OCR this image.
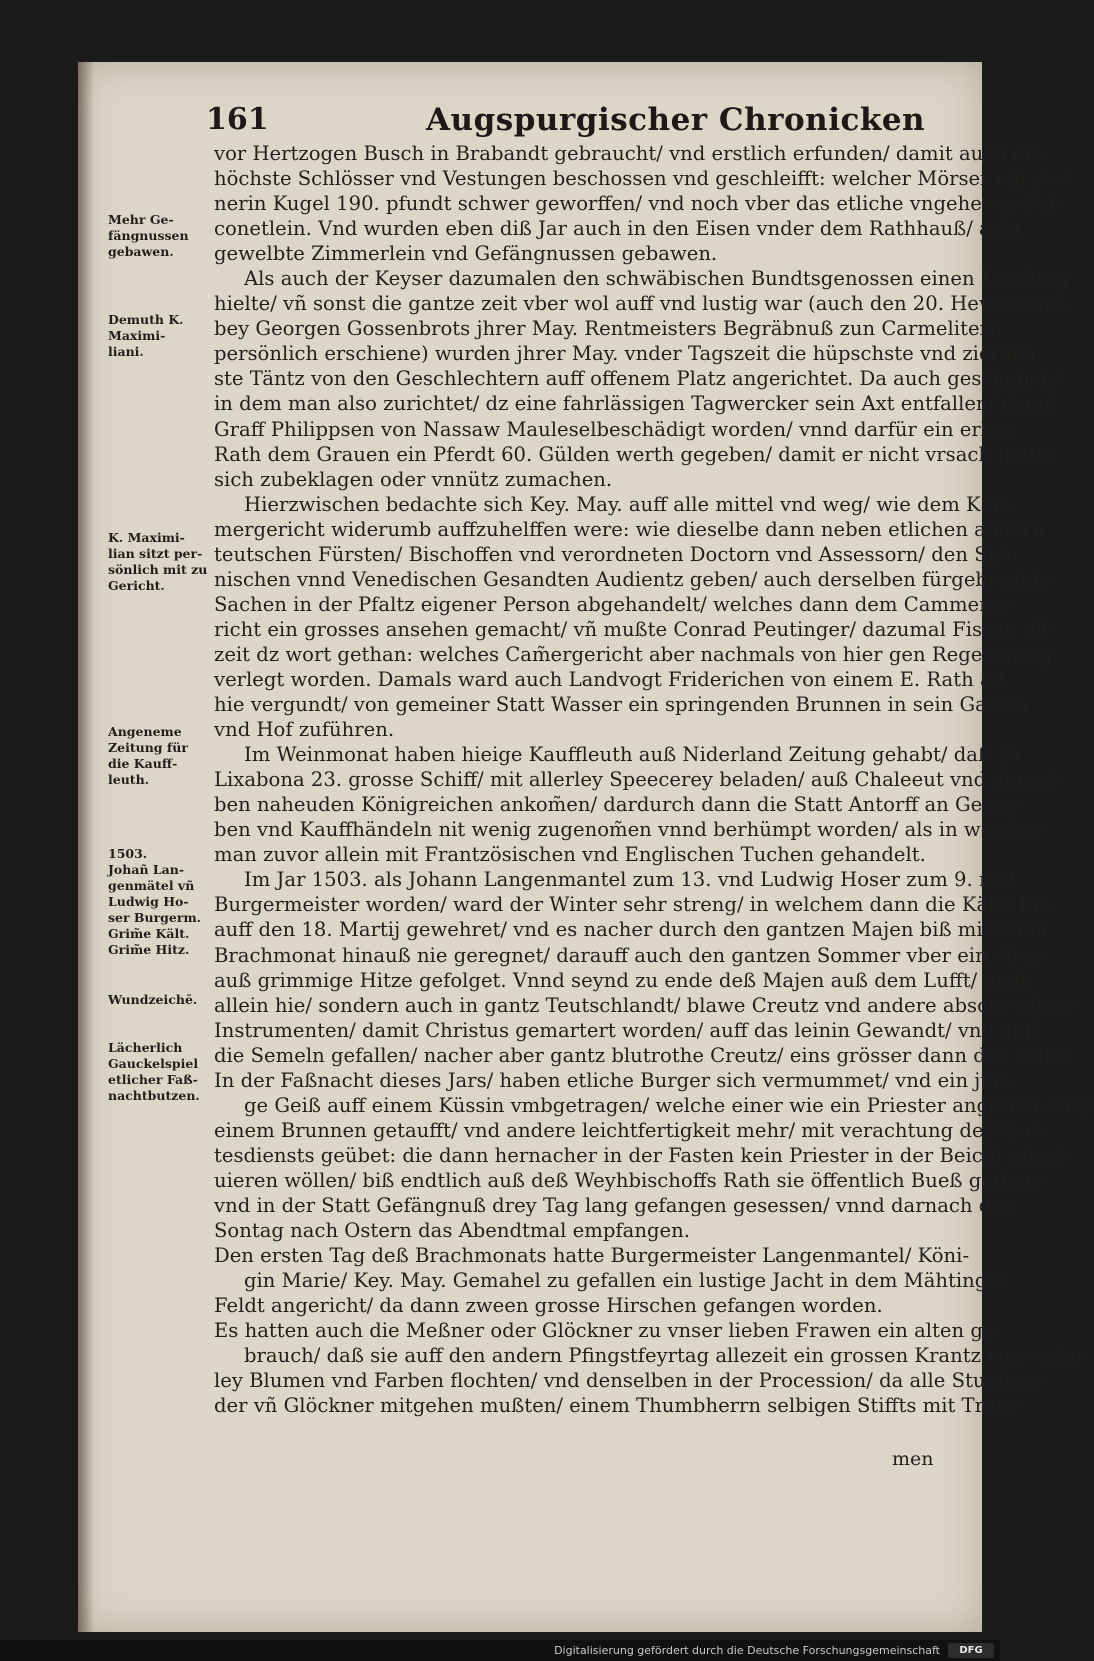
161	Augspurgischer Chronicken
Mehr Ge-
fängnussen
gebawen.
Demuth K.
Maximi-
liani.
K. Maximi-
lian sitzt per-
sönlich mit zu
Gericht.
Angeneme
Zeitung für
die Kauff-
leuth.
1503.
Johañ Lan-
genmätel vñ
Ludwig Ho-
ser Burgerm.
Grim̃e Kält.
Grim̃e Hitz.
Wundzeichē.
Lächerlich
Gauckelspiel
etlicher Faß-
nachtbutzen.
vor Hertzogen Busch in Brabandt gebraucht/ vnd erstlich erfunden/ damit auch die
höchste Schlösser vnd Vestungen beschossen vnd geschleifft: welcher Mörser ein stei-
nerin Kugel 190. pfundt schwer geworffen/ vnd noch vber das etliche vngehewre Fal-
conetlein. Vnd wurden eben diß Jar auch in den Eisen vnder dem Rathhauß/ acht
gewelbte Zimmerlein vnd Gefängnussen gebawen.
Als auch der Keyser dazumalen den schwäbischen Bundtsgenossen einen Kreißtag
hielte/ vñ sonst die gantze zeit vber wol auff vnd lustig war (auch den 20. Hewmonats
bey Georgen Gossenbrots jhrer May. Rentmeisters Begräbnuß zun Carmelitern
persönlich erschiene) wurden jhrer May. vnder Tagszeit die hüpschste vnd zierlich-
ste Täntz von den Geschlechtern auff offenem Platz angerichtet. Da auch geschehen/
in dem man also zurichtet/ dz eine fahrlässigen Tagwercker sein Axt entfallen/ damit
Graff Philippsen von Nassaw Mauleselbeschädigt worden/ vnnd darfür ein erbar
Rath dem Grauen ein Pferdt 60. Gülden werth gegeben/ damit er nicht vrsach hette/
sich zubeklagen oder vnnütz zumachen.
Hierzwischen bedachte sich Key. May. auff alle mittel vnd weg/ wie dem Kam-
mergericht widerumb auffzuhelffen were: wie dieselbe dann neben etlichen andern
teutschen Fürsten/ Bischoffen vnd verordneten Doctorn vnd Assessorn/ den Spa-
nischen vnnd Venedischen Gesandten Audientz geben/ auch derselben fürgebrachte
Sachen in der Pfaltz eigener Person abgehandelt/ welches dann dem Cammerge-
richt ein grosses ansehen gemacht/ vñ mußte Conrad Peutinger/ dazumal Fiscal/ all-
zeit dz wort gethan: welches Cam̃ergericht aber nachmals von hier gen Regenspurg
verlegt worden. Damals ward auch Landvogt Friderichen von einem E. Rath all-
hie vergundt/ von gemeiner Statt Wasser ein springenden Brunnen in sein Garten
vnd Hof zuführen.
Im Weinmonat haben hieige Kauffleuth auß Niderland Zeitung gehabt/ daß zu
Lixabona 23. grosse Schiff/ mit allerley Speecerey beladen/ auß Chaleeut vnd dersel-
ben naheuden Königreichen ankom̃en/ dardurch dann die Statt Antorff an Gewer-
ben vnd Kauffhändeln nit wenig zugenom̃en vnnd berhümpt worden/ als in welcher
man zuvor allein mit Frantzösischen vnd Englischen Tuchen gehandelt.
Im Jar 1503. als Johann Langenmantel zum 13. vnd Ludwig Hoser zum 9. mal
Burgermeister worden/ ward der Winter sehr streng/ in welchem dann die Kälte biß
auff den 18. Martij gewehret/ vnd es nacher durch den gantzen Majen biß mitten in
Brachmonat hinauß nie geregnet/ darauff auch den gantzen Sommer vber ein vber-
auß grimmige Hitze gefolget. Vnnd seynd zu ende deß Majen auß dem Lufft/ nicht
allein hie/ sondern auch in gantz Teutschlandt/ blawe Creutz vnd andere abschewliche
Instrumenten/ damit Christus gemartert worden/ auff das leinin Gewandt/ vnd auff
die Semeln gefallen/ nacher aber gantz blutrothe Creutz/ eins grösser dann das ander.
In der Faßnacht dieses Jars/ haben etliche Burger sich vermummet/ vnd ein jun-
ge Geiß auff einem Küssin vmbgetragen/ welche einer wie ein Priester angethan/ bey
einem Brunnen getaufft/ vnd andere leichtfertigkeit mehr/ mit verachtung deß Got-
tesdiensts geübet: die dann hernacher in der Fasten kein Priester in der Beicht absol-
uieren wöllen/ biß endtlich auß deß Weyhbischoffs Rath sie öffentlich Bueß gethan/
vnd in der Statt Gefängnuß drey Tag lang gefangen gesessen/ vnnd darnach den
Sontag nach Ostern das Abendtmal empfangen.
Den ersten Tag deß Brachmonats hatte Burgermeister Langenmantel/ Köni-
gin Marie/ Key. May. Gemahel zu gefallen ein lustige Jacht in dem Mähtinger
Feldt angericht/ da dann zween grosse Hirschen gefangen worden.
Es hatten auch die Meßner oder Glöckner zu vnser lieben Frawen ein alten ge-
brauch/ daß sie auff den andern Pfingstfeyrtag allezeit ein grossen Krantz von vieler-
ley Blumen vnd Farben flochten/ vnd denselben in der Procession/ da alle Stuelbrü-
der vñ Glöckner mitgehen mußten/ einem Thumbherrn selbigen Stiffts mit Trum-
men
Digitalisierung gefördert durch die Deutsche Forschungsgemeinschaft	DFG
